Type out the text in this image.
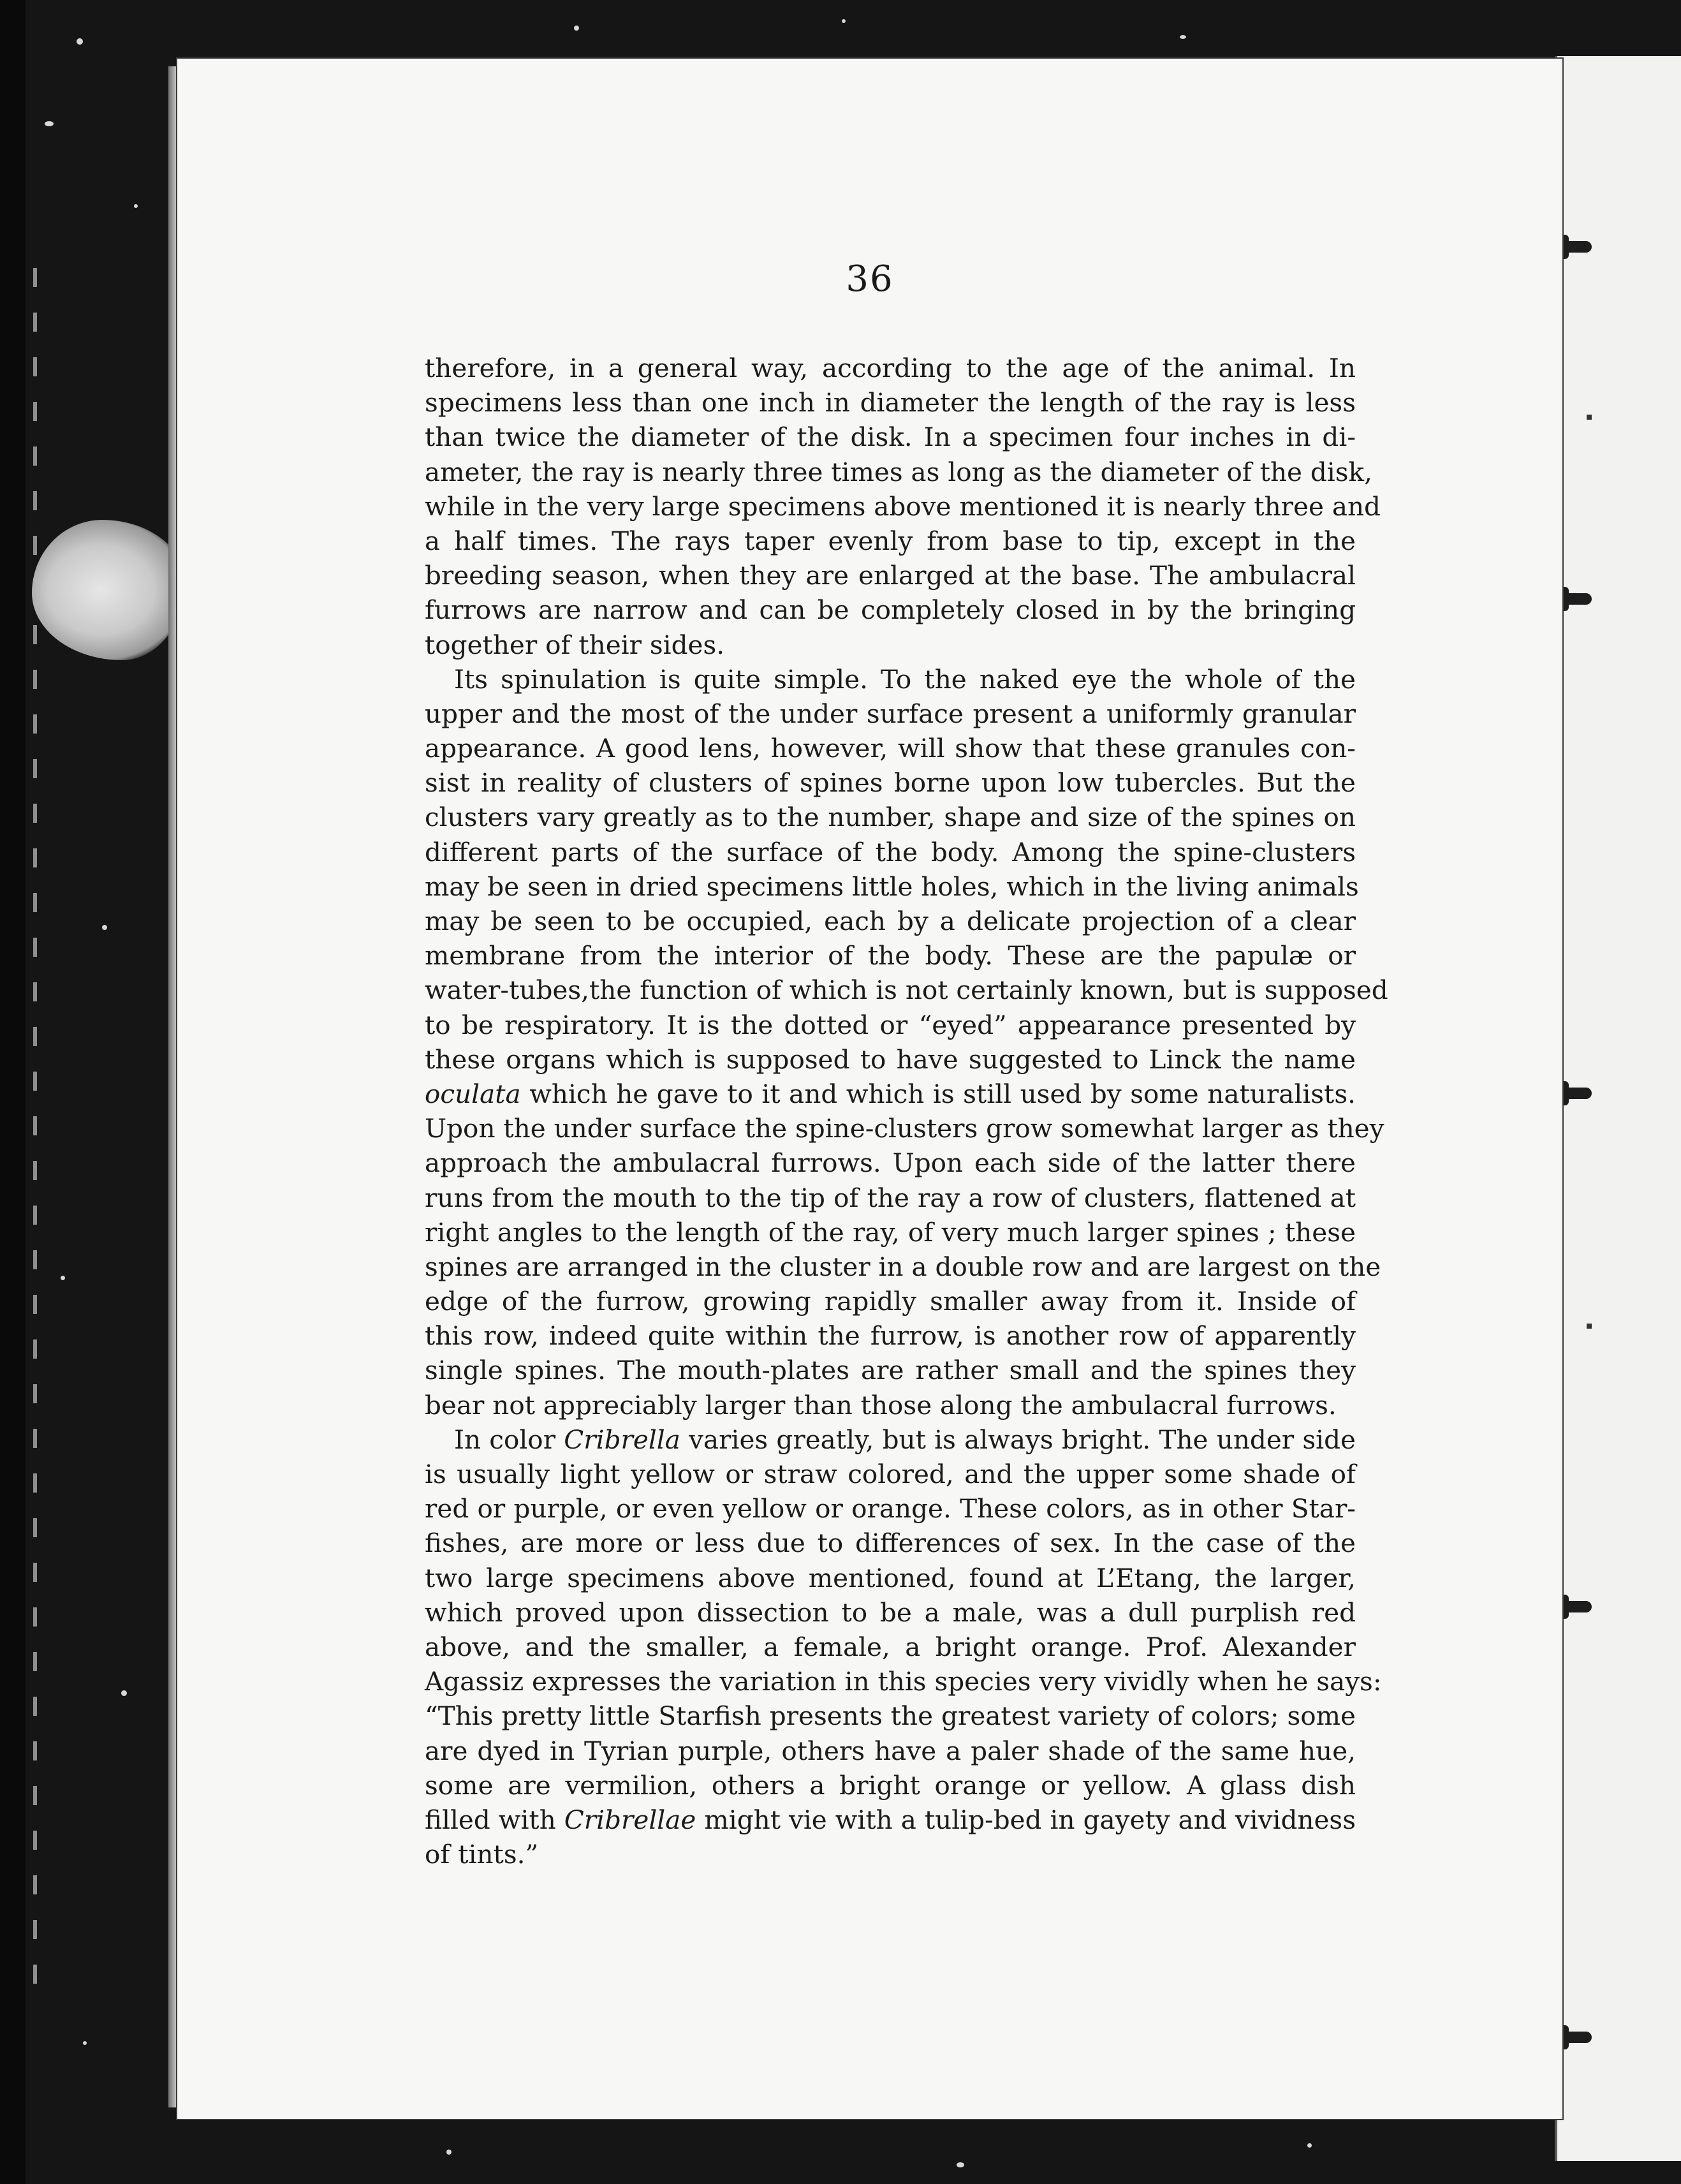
36
therefore, in a general way, according to the age of the animal. In
specimens less than one inch in diameter the length of the ray is less
than twice the diameter of the disk. In a specimen four inches in di-
ameter, the ray is nearly three times as long as the diameter of the disk,
while in the very large specimens above mentioned it is nearly three and
a half times. The rays taper evenly from base to tip, except in the
breeding season, when they are enlarged at the base. The ambulacral
furrows are narrow and can be completely closed in by the bringing
together of their sides.
Its spinulation is quite simple. To the naked eye the whole of the
upper and the most of the under surface present a uniformly granular
appearance. A good lens, however, will show that these granules con-
sist in reality of clusters of spines borne upon low tubercles. But the
clusters vary greatly as to the number, shape and size of the spines on
different parts of the surface of the body. Among the spine-clusters
may be seen in dried specimens little holes, which in the living animals
may be seen to be occupied, each by a delicate projection of a clear
membrane from the interior of the body. These are the papulæ or
water-tubes,the function of which is not certainly known, but is supposed
to be respiratory. It is the dotted or “eyed” appearance presented by
these organs which is supposed to have suggested to Linck the name
oculata which he gave to it and which is still used by some naturalists.
Upon the under surface the spine-clusters grow somewhat larger as they
approach the ambulacral furrows. Upon each side of the latter there
runs from the mouth to the tip of the ray a row of clusters, flattened at
right angles to the length of the ray, of very much larger spines ; these
spines are arranged in the cluster in a double row and are largest on the
edge of the furrow, growing rapidly smaller away from it. Inside of
this row, indeed quite within the furrow, is another row of apparently
single spines. The mouth-plates are rather small and the spines they
bear not appreciably larger than those along the ambulacral furrows.
In color Cribrella varies greatly, but is always bright. The under side
is usually light yellow or straw colored, and the upper some shade of
red or purple, or even yellow or orange. These colors, as in other Star-
fishes, are more or less due to differences of sex. In the case of the
two large specimens above mentioned, found at L’Etang, the larger,
which proved upon dissection to be a male, was a dull purplish red
above, and the smaller, a female, a bright orange. Prof. Alexander
Agassiz expresses the variation in this species very vividly when he says:
“This pretty little Starfish presents the greatest variety of colors; some
are dyed in Tyrian purple, others have a paler shade of the same hue,
some are vermilion, others a bright orange or yellow. A glass dish
filled with Cribrellae might vie with a tulip-bed in gayety and vividness
of tints.”
